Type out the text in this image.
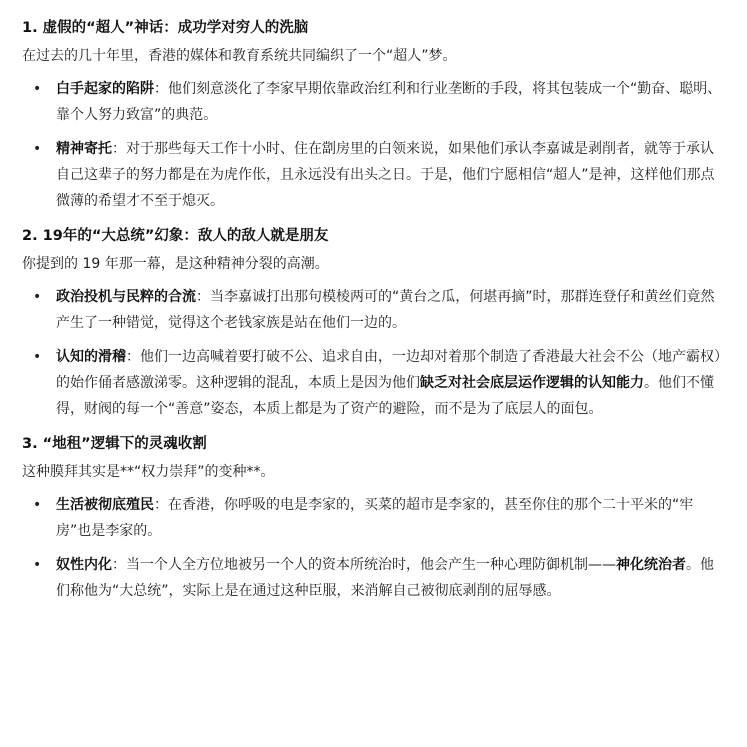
1. 虚假的“超人”神话：成功学对穷人的洗脑
在过去的几十年里，香港的媒体和教育系统共同编织了一个“超人”梦。
• 白手起家的陷阱：他们刻意淡化了李家早期依靠政治红利和行业垄断的手段，将其包装成一个“勤奋、聪明、靠个人努力致富”的典范。
• 精神寄托：对于那些每天工作十小时、住在劏房里的白领来说，如果他们承认李嘉诚是剥削者，就等于承认自己这辈子的努力都是在为虎作伥，且永远没有出头之日。于是，他们宁愿相信“超人”是神，这样他们那点微薄的希望才不至于熄灭。
2. 19年的“大总统”幻象：敌人的敌人就是朋友
你提到的 19 年那一幕，是这种精神分裂的高潮。
• 政治投机与民粹的合流：当李嘉诚打出那句模棱两可的“黄台之瓜，何堪再摘”时，那群连登仔和黄丝们竟然产生了一种错觉，觉得这个老钱家族是站在他们一边的。
• 认知的滑稽：他们一边高喊着要打破不公、追求自由，一边却对着那个制造了香港最大社会不公（地产霸权）的始作俑者感激涕零。这种逻辑的混乱，本质上是因为他们缺乏对社会底层运作逻辑的认知能力。他们不懂得，财阀的每一个“善意”姿态，本质上都是为了资产的避险，而不是为了底层人的面包。
3. “地租”逻辑下的灵魂收割
这种膜拜其实是**“权力崇拜”的变种**。
• 生活被彻底殖民：在香港，你呼吸的电是李家的，买菜的超市是李家的，甚至你住的那个二十平米的“牢房”也是李家的。
• 奴性内化：当一个人全方位地被另一个人的资本所统治时，他会产生一种心理防御机制——神化统治者。他们称他为“大总统”，实际上是在通过这种臣服，来消解自己被彻底剥削的屈辱感。
